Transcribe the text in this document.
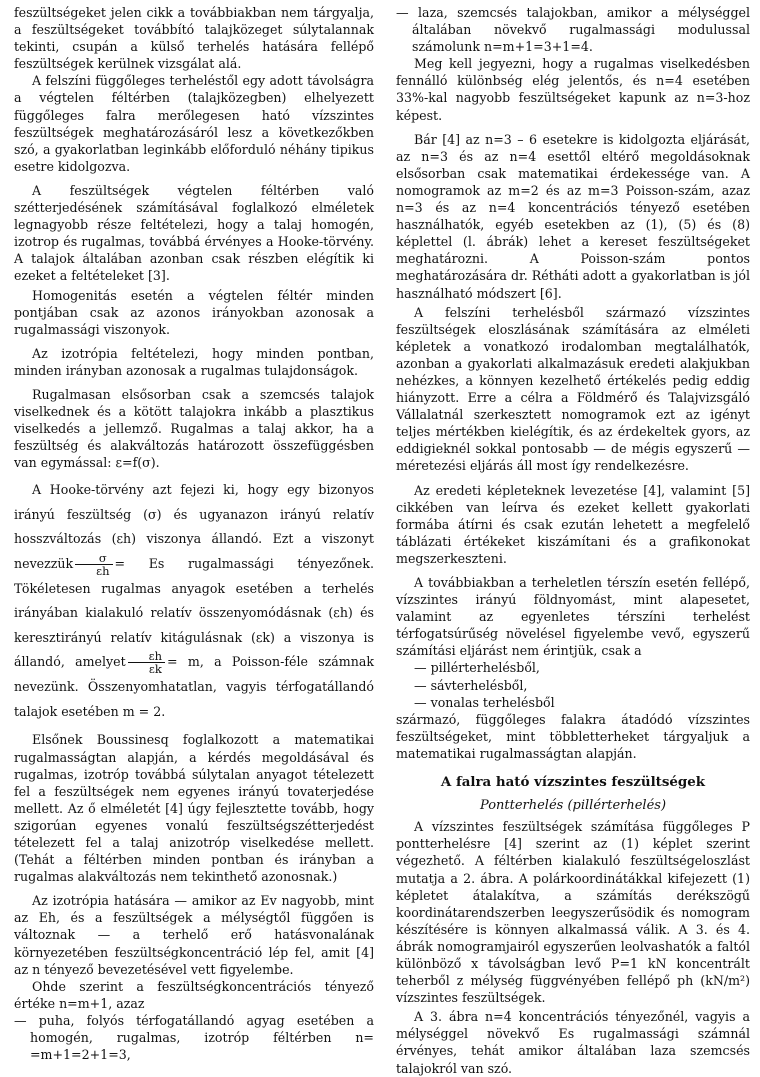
feszültségeket jelen cikk a továbbiakban nem tárgyalja, a feszültségeket továbbító talajközeget súlytalannak tekinti, csupán a külső terhelés hatására fellépő feszültségek kerülnek vizsgálat alá.

A felszíni függőleges terheléstől egy adott távolságra a végtelen féltérben (talajközegben) elhelyezett függőleges falra merőlegesen ható vízszintes feszültségek meghatározásáról lesz a következőkben szó, a gyakorlatban leginkább előforduló néhány tipikus esetre kidolgozva.

A feszültségek végtelen féltérben való szétterjedésének számításával foglalkozó elméletek legnagyobb része feltételezi, hogy a talaj homogén, izotrop és rugalmas, továbbá érvényes a Hooke-törvény. A talajok általában azonban csak részben elégítik ki ezeket a feltételeket [3].

Homogenitás esetén a végtelen féltér minden pontjában csak az azonos irányokban azonosak a rugalmassági viszonyok.

Az izotrópia feltételezi, hogy minden pontban, minden irányban azonosak a rugalmas tulajdonságok.

Rugalmasan elsősorban csak a szemcsés talajok viselkednek és a kötött talajokra inkább a plasztikus viselkedés a jellemző. Rugalmas a talaj akkor, ha a feszültség és alakváltozás határozott összefüggésben van egymással: ε=f(σ).

A Hooke-törvény azt fejezi ki, hogy egy bizonyos irányú feszültség (σ) és ugyanazon irányú relatív hosszváltozás (εh) viszonya állandó. Ezt a viszonyt nevezzük $\frac{\sigma}{\varepsilon h} = Es$ rugalmassági tényezőnek. Tökéletesen rugalmas anyagok esetében a terhelés irányában kialakuló relatív összenyomódásnak (εh) és keresztirányú relatív kitágulásnak (εk) a viszonya is állandó, amelyet $\frac{\varepsilon h}{\varepsilon k} = m$, a Poisson-féle számnak nevezünk. Összenyomhatatlan, vagyis térfogatállandó talajok esetében m = 2.

Elsőnek Boussinesq foglalkozott a matematikai rugalmasságtan alapján, a kérdés megoldásával és rugalmas, izotróp továbbá súlytalan anyagot tételezett fel a feszültségek nem egyenes irányú tovaterjedése mellett. Az ő elméletét [4] úgy fejlesztette tovább, hogy szigorúan egyenes vonalú feszültségszétterjedést tételezett fel a talaj anizotróp viselkedése mellett. (Tehát a féltérben minden pontban és irányban a rugalmas alakváltozás nem tekinthető azonosnak.)

Az izotrópia hatására — amikor az Ev nagyobb, mint az Eh, és a feszültségek a mélységtől függően is változnak — a terhelő erő hatásvonalának környezetében feszültségkoncentráció lép fel, amit [4] az n tényező bevezetésével vett figyelembe.

Ohde szerint a feszültségkoncentrációs tényező értéke n=m+1, azaz

— puha, folyós térfogatállandó agyag esetében a homogén, rugalmas, izotróp féltérben n= =m+1=2+1=3,

— laza, szemcsés talajokban, amikor a mélységgel általában növekvő rugalmassági modulussal számolunk n=m+1=3+1=4.

Meg kell jegyezni, hogy a rugalmas viselkedésben fennálló különbség elég jelentős, és n=4 esetében 33%-kal nagyobb feszültségeket kapunk az n=3-hoz képest.

Bár [4] az n=3 – 6 esetekre is kidolgozta eljárását, az n=3 és az n=4 esettől eltérő megoldásoknak elsősorban csak matematikai érdekessége van. A nomogramok az m=2 és az m=3 Poisson-szám, azaz n=3 és az n=4 koncentrációs tényező esetében használhatók, egyéb esetekben az (1), (5) és (8) képlettel (l. ábrák) lehet a kereset feszültségeket meghatározni. A Poisson-szám pontos meghatározására dr. Rétháti adott a gyakorlatban is jól használható módszert [6].

A felszíni terhelésből származó vízszintes feszültségek eloszlásának számítására az elméleti képletek a vonatkozó irodalomban megtalálhatók, azonban a gyakorlati alkalmazásuk eredeti alakjukban nehézkes, a könnyen kezelhető értékelés pedig eddig hiányzott. Erre a célra a Földmérő és Talajvizsgáló Vállalatnál szerkesztett nomogramok ezt az igényt teljes mértékben kielégítik, és az érdekeltek gyors, az eddigieknél sokkal pontosabb — de mégis egyszerű — méretezési eljárás áll most így rendelkezésre.

Az eredeti képleteknek levezetése [4], valamint [5] cikkében van leírva és ezeket kellett gyakorlati formába átírni és csak ezután lehetett a megfelelő táblázati értékeket kiszámítani és a grafikonokat megszerkeszteni.

A továbbiakban a terheletlen térszín esetén fellépő, vízszintes irányú földnyomást, mint alapesetet, valamint az egyenletes térszíni terhelést térfogatsúrűség növelésel figyelembe vevő, egyszerű számítási eljárást nem érintjük, csak a

— pillérterhelésből,

— sávterhelésből,

— vonalas terhelésből

származó, függőleges falakra átadódó vízszintes feszültségeket, mint többletterheket tárgyaljuk a matematikai rugalmasságtan alapján.

A falra ható vízszintes feszültségek
Pontterhelés (pillérterhelés)

A vízszintes feszültségek számítása függőleges P pontterhelésre [4] szerint az (1) képlet szerint végezhető. A féltérben kialakuló feszültségeloszlást mutatja a 2. ábra. A polárkoordinátákkal kifejezett (1) képletet átalakítva, a számítás derékszögű koordinátarendszerben leegyszerűsödik és nomogram készítésére is könnyen alkalmassá válik. A 3. és 4. ábrák nomogramjairól egyszerűen leolvashatók a faltól különböző x távolságban levő P=1 kN koncentrált teherből z mélység függvényében fellépő ph (kN/m²) vízszintes feszültségek.

A 3. ábra n=4 koncentrációs tényezőnél, vagyis a mélységgel növekvő Es rugalmassági számnál érvényes, tehát amikor általában laza szemcsés talajokról van szó.
